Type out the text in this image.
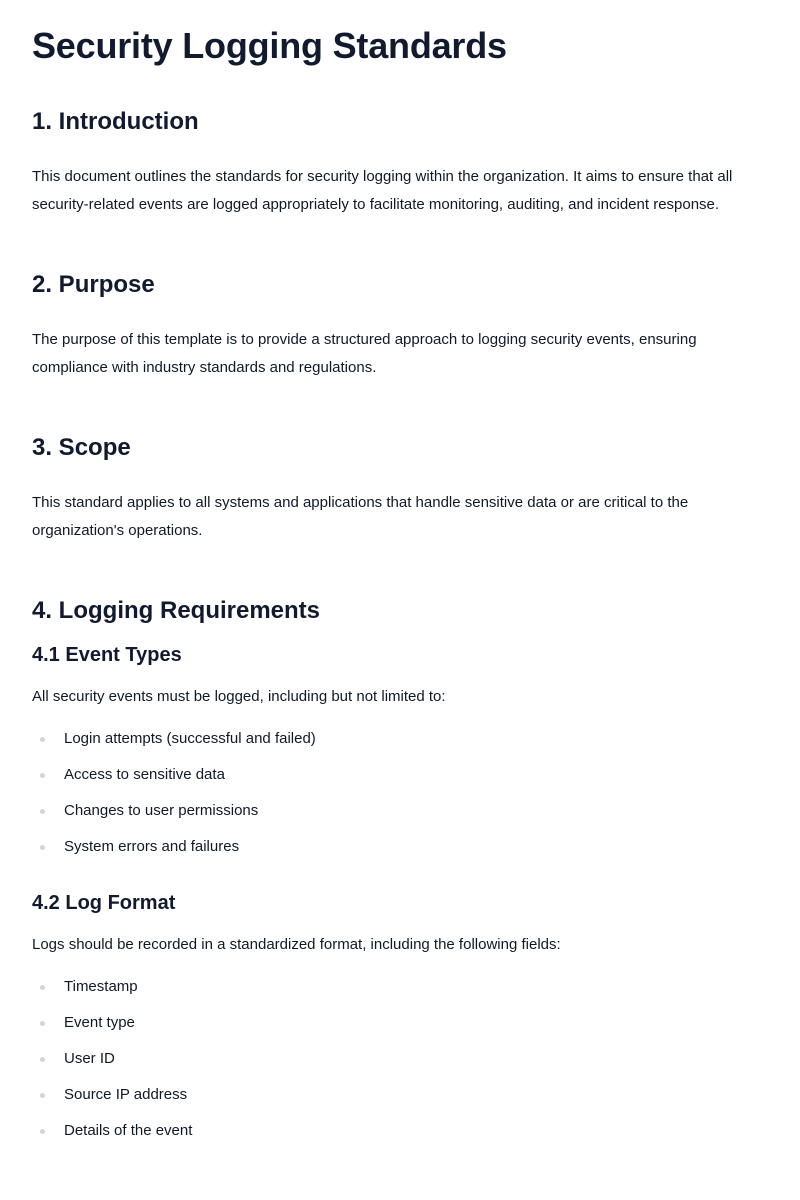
Security Logging Standards
1. Introduction

This document outlines the standards for security logging within the organization. It aims to ensure that all security-related events are logged appropriately to facilitate monitoring, auditing, and incident response.

2. Purpose

The purpose of this template is to provide a structured approach to logging security events, ensuring compliance with industry standards and regulations.

3. Scope

This standard applies to all systems and applications that handle sensitive data or are critical to the organization's operations.

4. Logging Requirements
4.1 Event Types

All security events must be logged, including but not limited to:

Login attempts (successful and failed)
Access to sensitive data
Changes to user permissions
System errors and failures
4.2 Log Format

Logs should be recorded in a standardized format, including the following fields:

Timestamp
Event type
User ID
Source IP address
Details of the event
